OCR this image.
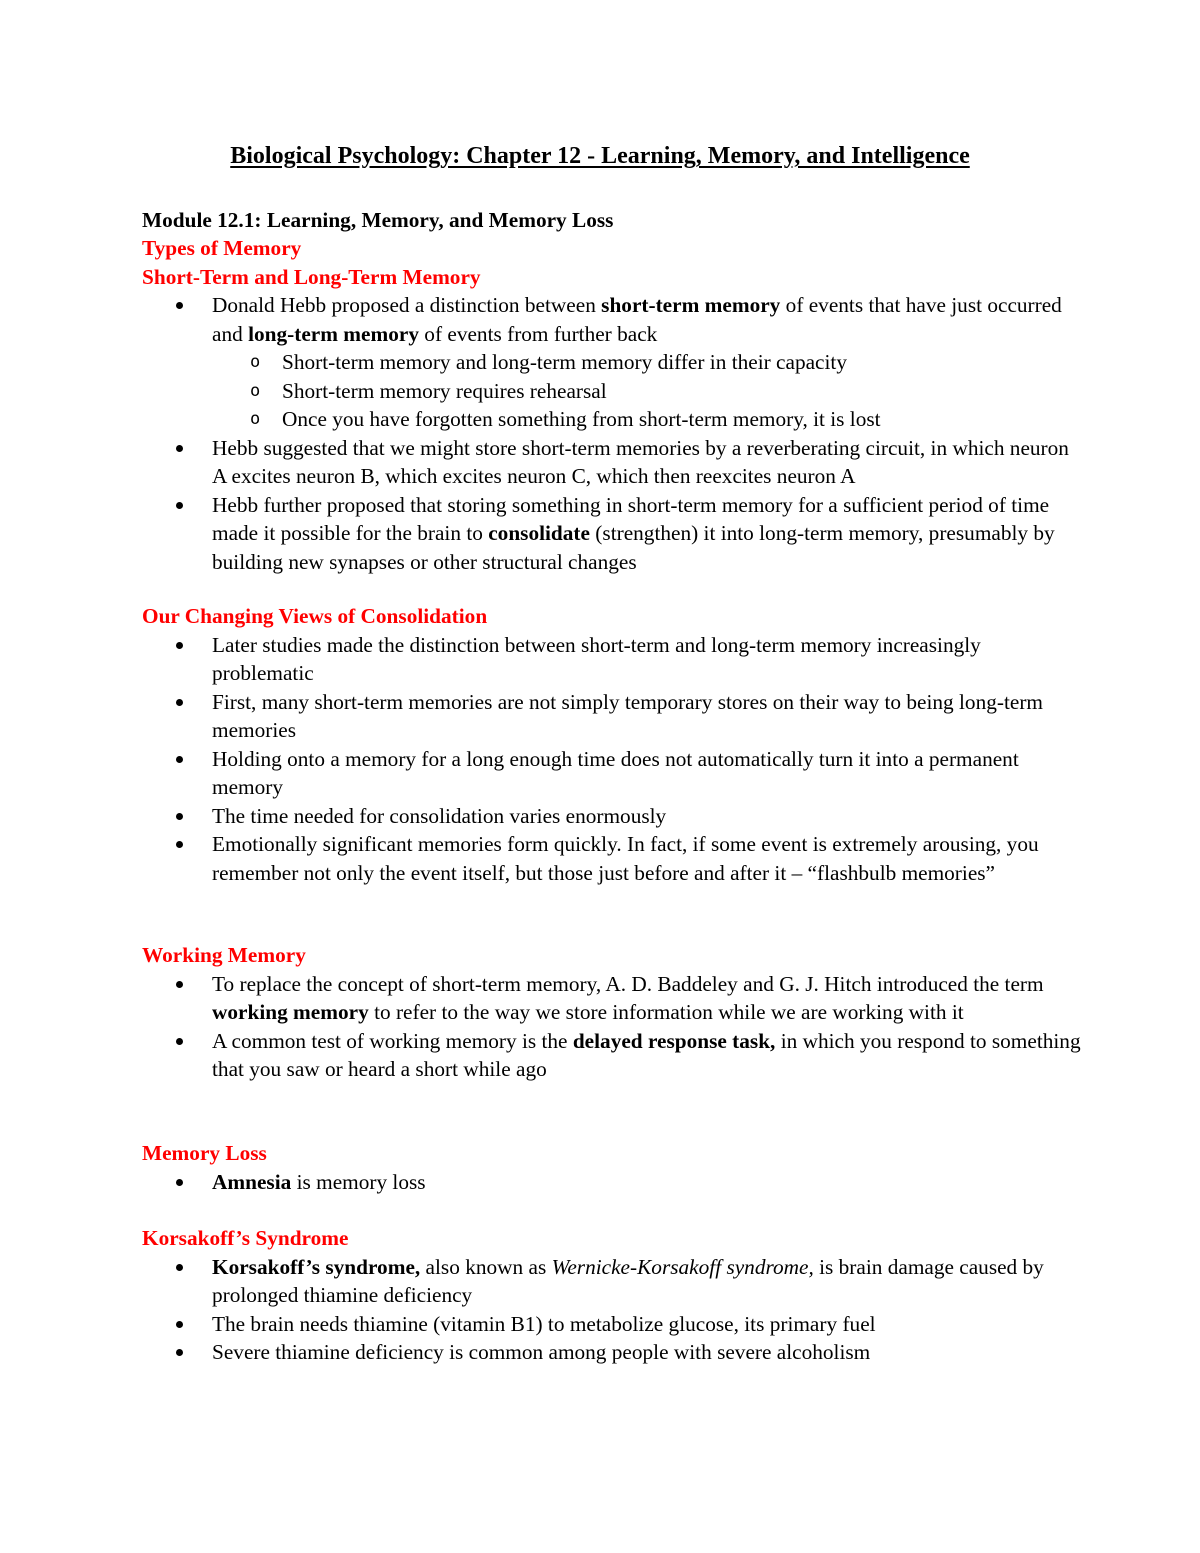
Biological Psychology: Chapter 12 - Learning, Memory, and Intelligence
Module 12.1: Learning, Memory, and Memory Loss

Types of Memory

Short-Term and Long-Term Memory

Donald Hebb proposed a distinction between short-term memory of events that have just occurred and long-term memory of events from further back
o Short-term memory and long-term memory differ in their capacity
o Short-term memory requires rehearsal
o Once you have forgotten something from short-term memory, it is lost
Hebb suggested that we might store short-term memories by a reverberating circuit, in which neuron A excites neuron B, which excites neuron C, which then reexcites neuron A
Hebb further proposed that storing something in short-term memory for a sufficient period of time made it possible for the brain to consolidate (strengthen) it into long-term memory, presumably by building new synapses or other structural changes

Our Changing Views of Consolidation

Later studies made the distinction between short-term and long-term memory increasingly problematic
First, many short-term memories are not simply temporary stores on their way to being long-term memories
Holding onto a memory for a long enough time does not automatically turn it into a permanent memory
The time needed for consolidation varies enormously
Emotionally significant memories form quickly. In fact, if some event is extremely arousing, you remember not only the event itself, but those just before and after it – “flashbulb memories”

Working Memory

To replace the concept of short-term memory, A. D. Baddeley and G. J. Hitch introduced the term working memory to refer to the way we store information while we are working with it
A common test of working memory is the delayed response task, in which you respond to something that you saw or heard a short while ago

Memory Loss

Amnesia is memory loss

Korsakoff’s Syndrome

Korsakoff’s syndrome, also known as Wernicke-Korsakoff syndrome, is brain damage caused by prolonged thiamine deficiency
The brain needs thiamine (vitamin B1) to metabolize glucose, its primary fuel
Severe thiamine deficiency is common among people with severe alcoholism
